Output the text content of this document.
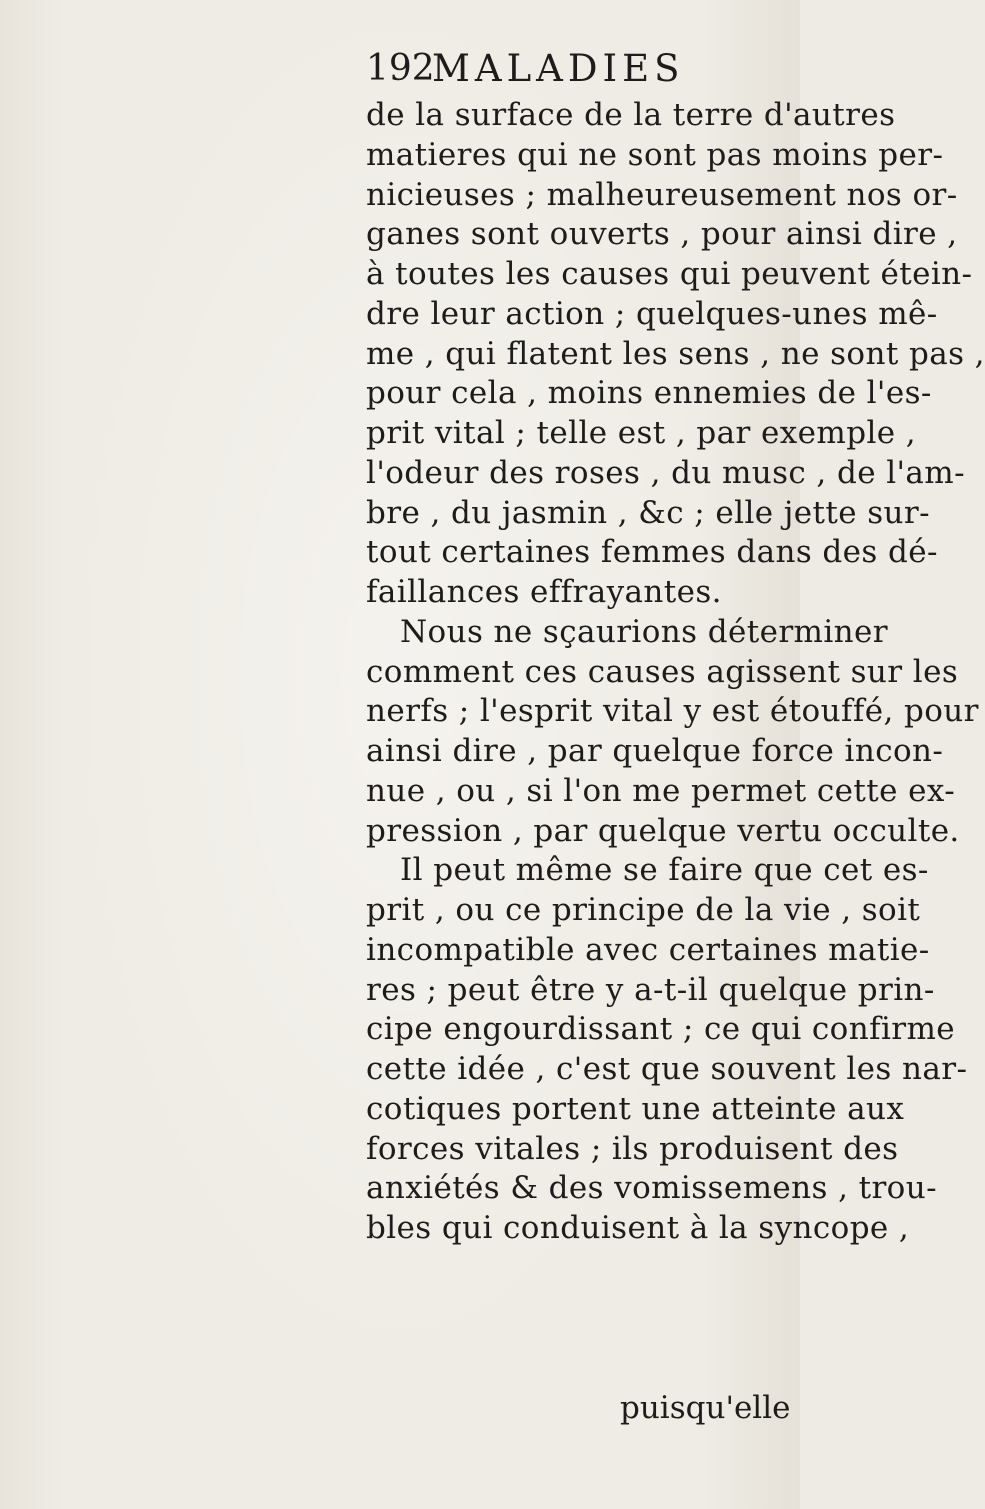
192
MALADIES
de la surface de la terre d'autres
matieres qui ne sont pas moins per-
nicieuses ; malheureusement nos or-
ganes sont ouverts , pour ainsi dire ,
à toutes les causes qui peuvent étein-
dre leur action ; quelques-unes mê-
me , qui flatent les sens , ne sont pas ,
pour cela , moins ennemies de l'es-
prit vital ; telle est , par exemple ,
l'odeur des roses , du musc , de l'am-
bre , du jasmin , &c ; elle jette sur-
tout certaines femmes dans des dé-
faillances effrayantes.
Nous ne sçaurions déterminer
comment ces causes agissent sur les
nerfs ; l'esprit vital y est étouffé, pour
ainsi dire , par quelque force incon-
nue , ou , si l'on me permet cette ex-
pression , par quelque vertu occulte.
Il peut même se faire que cet es-
prit , ou ce principe de la vie , soit
incompatible avec certaines matie-
res ; peut être y a-t-il quelque prin-
cipe engourdissant ; ce qui confirme
cette idée , c'est que souvent les nar-
cotiques portent une atteinte aux
forces vitales ; ils produisent des
anxiétés & des vomissemens , trou-
bles qui conduisent à la syncope ,
puisqu'elle
